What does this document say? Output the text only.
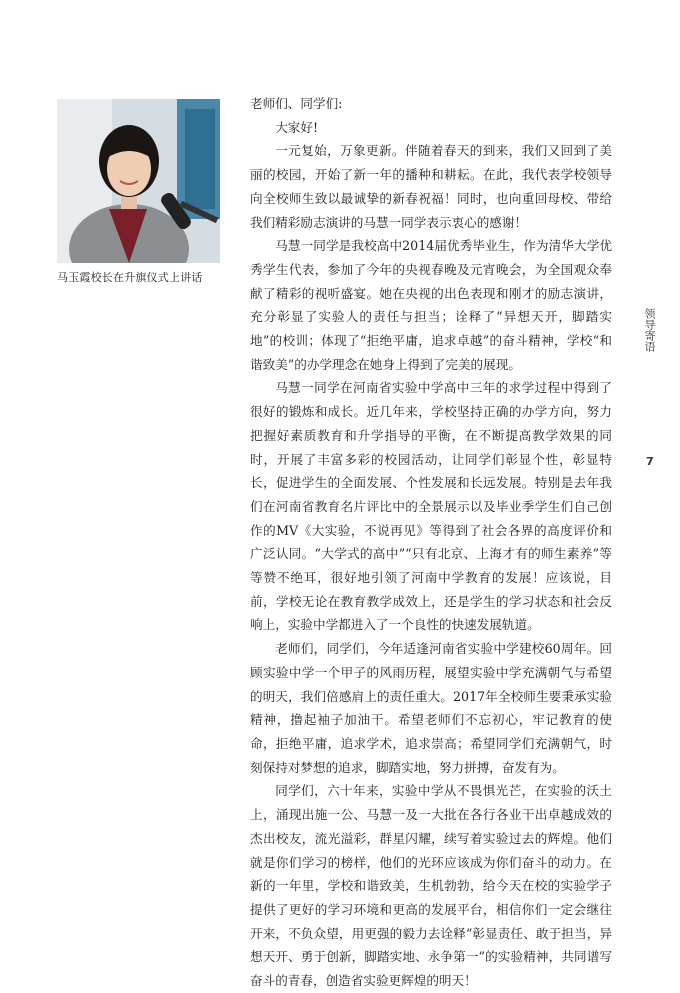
马玉霞校长在升旗仪式上讲话

老师们、同学们:

大家好!

一元复始，万象更新。伴随着春天的到来，我们又回到了美丽的校园，开始了新一年的播种和耕耘。在此，我代表学校领导向全校师生致以最诚挚的新春祝福！同时，也向重回母校、带给我们精彩励志演讲的马慧一同学表示衷心的感谢！

马慧一同学是我校高中2014届优秀毕业生，作为清华大学优秀学生代表，参加了今年的央视春晚及元宵晚会，为全国观众奉献了精彩的视听盛宴。她在央视的出色表现和刚才的励志演讲，充分彰显了实验人的责任与担当；诠释了“异想天开，脚踏实地”的校训；体现了“拒绝平庸，追求卓越”的奋斗精神，学校“和谐致美”的办学理念在她身上得到了完美的展现。

马慧一同学在河南省实验中学高中三年的求学过程中得到了很好的锻炼和成长。近几年来，学校坚持正确的办学方向，努力把握好素质教育和升学指导的平衡，在不断提高教学效果的同时，开展了丰富多彩的校园活动，让同学们彰显个性，彰显特长，促进学生的全面发展、个性发展和长远发展。特别是去年我们在河南省教育名片评比中的全景展示以及毕业季学生们自己创作的MV《大实验，不说再见》等得到了社会各界的高度评价和广泛认同。“大学式的高中”“只有北京、上海才有的师生素养”等等赞不绝耳，很好地引领了河南中学教育的发展！应该说，目前，学校无论在教育教学成效上，还是学生的学习状态和社会反响上，实验中学都进入了一个良性的快速发展轨道。

老师们，同学们，今年适逢河南省实验中学建校60周年。回顾实验中学一个甲子的风雨历程，展望实验中学充满朝气与希望的明天，我们倍感肩上的责任重大。2017年全校师生要秉承实验精神，撸起袖子加油干。希望老师们不忘初心，牢记教育的使命，拒绝平庸，追求学术，追求崇高；希望同学们充满朝气，时刻保持对梦想的追求，脚踏实地，努力拼搏，奋发有为。

同学们，六十年来，实验中学从不畏惧光芒，在实验的沃土上，涌现出施一公、马慧一及一大批在各行各业干出卓越成效的杰出校友，流光溢彩，群星闪耀，续写着实验过去的辉煌。他们就是你们学习的榜样，他们的光环应该成为你们奋斗的动力。在新的一年里，学校和谐致美，生机勃勃，给今天在校的实验学子提供了更好的学习环境和更高的发展平台，相信你们一定会继往开来，不负众望，用更强的毅力去诠释“彰显责任、敢于担当，异想天开、勇于创新，脚踏实地、永争第一”的实验精神，共同谱写奋斗的青春，创造省实验更辉煌的明天！

领导寄语
7
